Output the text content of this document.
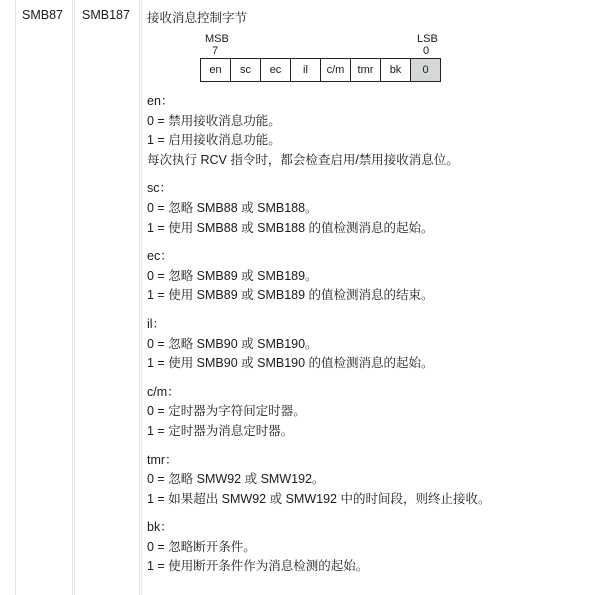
SMB87 SMB187 接收消息控制字节
MSB
7
LSB
0
en	sc	ec	il	c/m	tmr	bk	0
en：
0 = 禁用接收消息功能。
1 = 启用接收消息功能。
每次执行 RCV 指令时，都会检查启用/禁用接收消息位。
sc：
0 = 忽略 SMB88 或 SMB188。
1 = 使用 SMB88 或 SMB188 的值检测消息的起始。
ec：
0 = 忽略 SMB89 或 SMB189。
1 = 使用 SMB89 或 SMB189 的值检测消息的结束。
il：
0 = 忽略 SMB90 或 SMB190。
1 = 使用 SMB90 或 SMB190 的值检测消息的起始。
c/m：
0 = 定时器为字符间定时器。
1 = 定时器为消息定时器。
tmr：
0 = 忽略 SMW92 或 SMW192。
1 = 如果超出 SMW92 或 SMW192 中的时间段，则终止接收。
bk：
0 = 忽略断开条件。
1 = 使用断开条件作为消息检测的起始。
